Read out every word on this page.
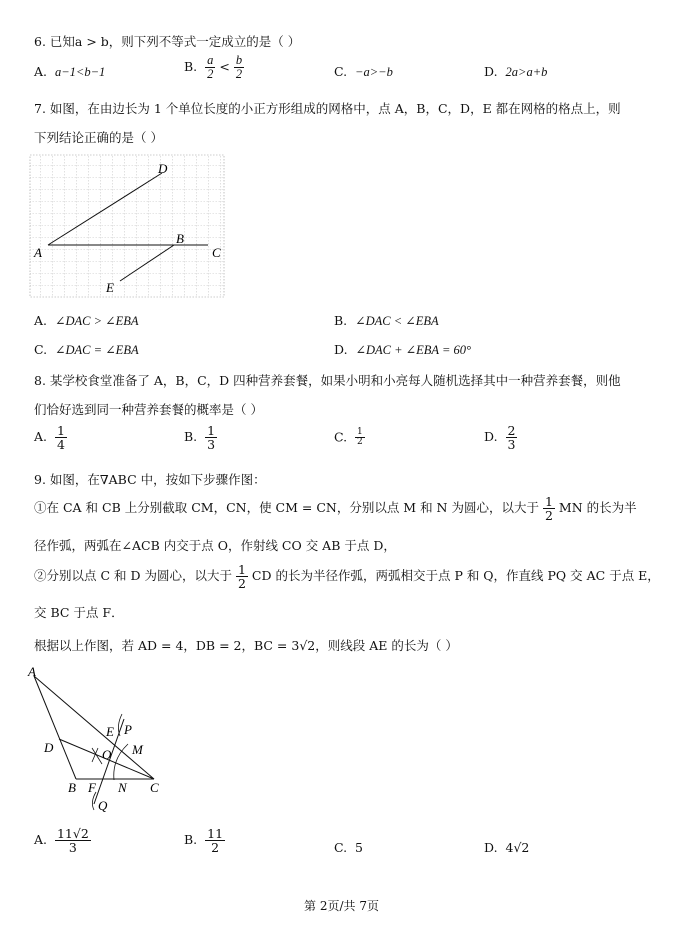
6. 已知a > b，则下列不等式一定成立的是（ ）
A. a−1<b−1	B. $\frac{a}{2} < \frac{b}{2}$	C. −a>−b	D. 2a>a+b
7. 如图，在由边长为 1 个单位长度的小正方形组成的网格中，点 A，B，C，D，E 都在网格的格点上，则
下列结论正确的是（ ）
A
B
C
D
E
A. ∠DAC > ∠EBA	B. ∠DAC < ∠EBA
C. ∠DAC = ∠EBA	D. ∠DAC + ∠EBA = 60°
8. 某学校食堂准备了 A，B，C，D 四种营养套餐，如果小明和小亮每人随机选择其中一种营养套餐，则他
们恰好选到同一种营养套餐的概率是（ ）
A. $\frac{1}{4}$	B. $\frac{1}{3}$	C. $\frac{1}{2}$	D. $\frac{2}{3}$
9. 如图，在∇ABC 中，按如下步骤作图：
①在 CA 和 CB 上分别截取 CM，CN，使 CM = CN，分别以点 M 和 N 为圆心，以大于 $\frac{1}{2}$ MN 的长为半
径作弧，两弧在∠ACB 内交于点 O，作射线 CO 交 AB 于点 D，
②分别以点 C 和 D 为圆心，以大于 $\frac{1}{2}$ CD 的长为半径作弧，两弧相交于点 P 和 Q，作直线 PQ 交 AC 于点 E，
交 BC 于点 F．
根据以上作图，若 AD = 4，DB = 2，BC = 3√2，则线段 AE 的长为（ ）
A
B	C
D
E
F
M
N
O
P
Q
A. $\frac{11√2}{3}$	B. $\frac{11}{2}$	C. 5	D. 4√2
第 2页/共 7页
